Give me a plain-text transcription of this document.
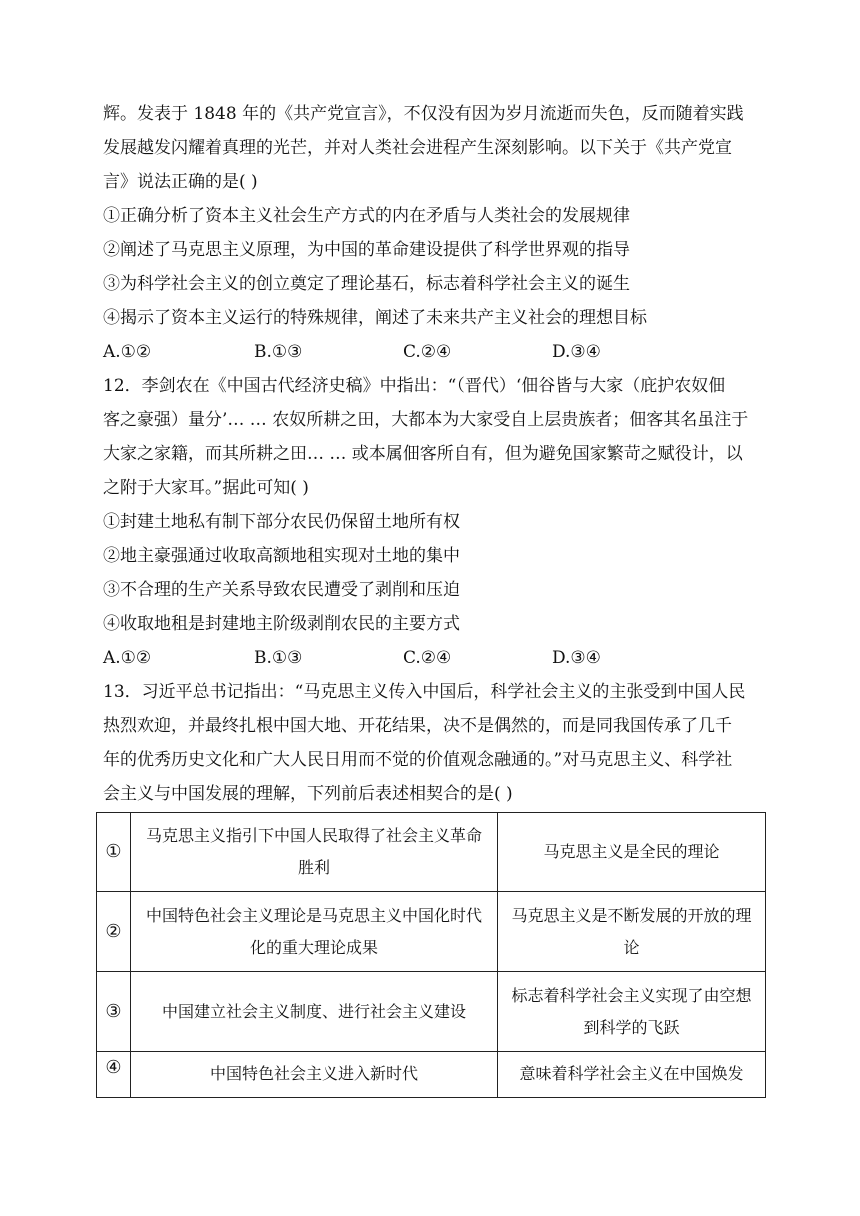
辉。发表于 1848 年的《共产党宣言》，不仅没有因为岁月流逝而失色，反而随着实践
发展越发闪耀着真理的光芒，并对人类社会进程产生深刻影响。以下关于《共产党宣
言》说法正确的是( )
①正确分析了资本主义社会生产方式的内在矛盾与人类社会的发展规律
②阐述了马克思主义原理，为中国的革命建设提供了科学世界观的指导
③为科学社会主义的创立奠定了理论基石，标志着科学社会主义的诞生
④揭示了资本主义运行的特殊规律，阐述了未来共产主义社会的理想目标
A.①②	B.①③	C.②④	D.③④
12．李剑农在《中国古代经济史稿》中指出：“（晋代）‘佃谷皆与大家（庇护农奴佃
客之豪强）量分’… … 农奴所耕之田，大都本为大家受自上层贵族者；佃客其名虽注于
大家之家籍，而其所耕之田… … 或本属佃客所自有，但为避免国家繁苛之赋役计，以
之附于大家耳。”据此可知( )
①封建土地私有制下部分农民仍保留土地所有权
②地主豪强通过收取高额地租实现对土地的集中
③不合理的生产关系导致农民遭受了剥削和压迫
④收取地租是封建地主阶级剥削农民的主要方式
A.①②	B.①③	C.②④	D.③④
13．习近平总书记指出：“马克思主义传入中国后，科学社会主义的主张受到中国人民
热烈欢迎，并最终扎根中国大地、开花结果，决不是偶然的，而是同我国传承了几千
年的优秀历史文化和广大人民日用而不觉的价值观念融通的。”对马克思主义、科学社
会主义与中国发展的理解，下列前后表述相契合的是( )
①	马克思主义指引下中国人民取得了社会主义革命胜利	马克思主义是全民的理论
②	中国特色社会主义理论是马克思主义中国化时代化的重大理论成果	马克思主义是不断发展的开放的理论
③	中国建立社会主义制度、进行社会主义建设	标志着科学社会主义实现了由空想到科学的飞跃
④	中国特色社会主义进入新时代	意味着科学社会主义在中国焕发
